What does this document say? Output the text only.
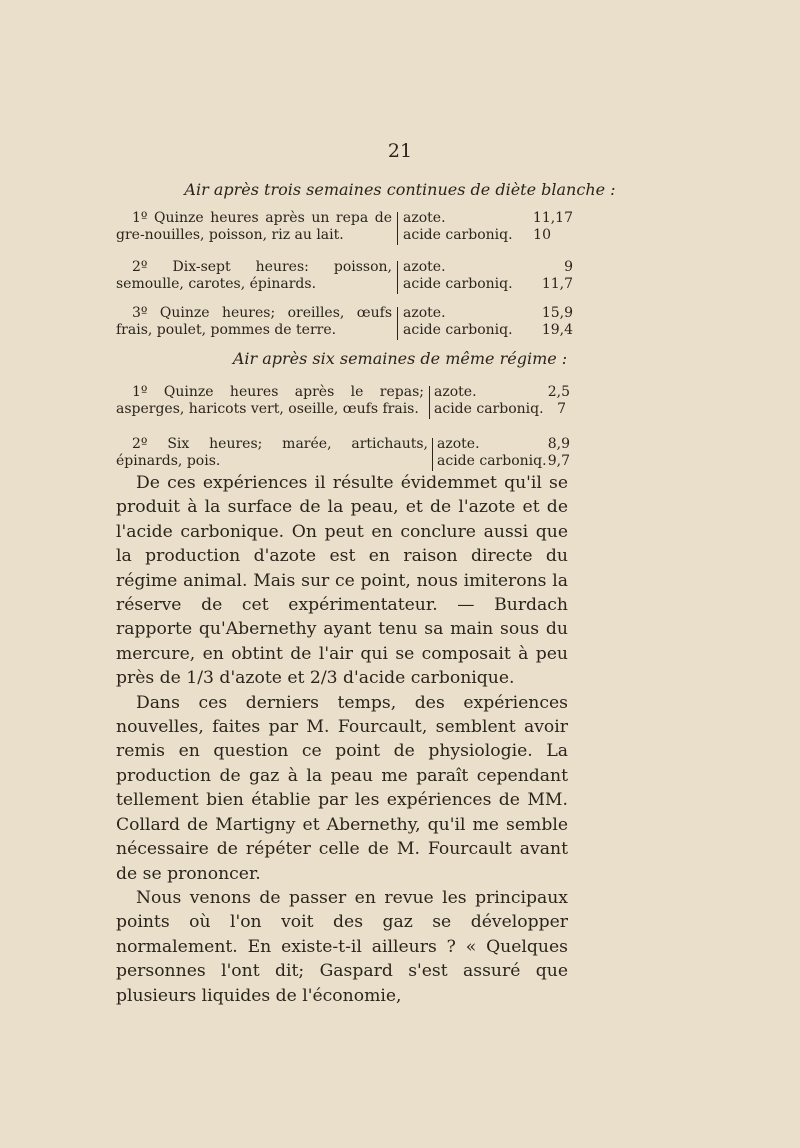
21
Air après trois semaines continues de diète blanche :
1º Quinze heures après un repa de gre-nouilles, poisson, riz au lait.
azote.	11,17
acide carboniq. 10
2º Dix-sept heures: poisson, semoulle, carotes, épinards.
azote.	9
acide carboniq. 11,7
3º Quinze heures; oreilles, œufs frais, poulet, pommes de terre.
azote.	15,9
acide carboniq. 19,4
Air après six semaines de même régime :
1º Quinze heures après le repas; asperges, haricots vert, oseille, œufs frais.
azote.	2,5
acide carboniq. 7
2º Six heures; marée, artichauts, épinards, pois.
azote.	8,9
acide carboniq. 9,7

De ces expériences il résulte évidemmet qu'il se produit à la surface de la peau, et de l'azote et de l'acide carbonique. On peut en conclure aussi que la production d'azote est en raison directe du régime animal. Mais sur ce point, nous imiterons la réserve de cet expérimentateur. — Burdach rapporte qu'Abernethy ayant tenu sa main sous du mercure, en obtint de l'air qui se composait à peu près de 1/3 d'azote et 2/3 d'acide carbonique.

Dans ces derniers temps, des expériences nouvelles, faites par M. Fourcault, semblent avoir remis en question ce point de physiologie. La production de gaz à la peau me paraît cependant tellement bien établie par les expériences de MM. Collard de Martigny et Abernethy, qu'il me semble nécessaire de répéter celle de M. Fourcault avant de se prononcer.

Nous venons de passer en revue les principaux points où l'on voit des gaz se développer normalement. En existe-t-il ailleurs ? « Quelques personnes l'ont dit; Gaspard s'est assuré que plusieurs liquides de l'économie,
